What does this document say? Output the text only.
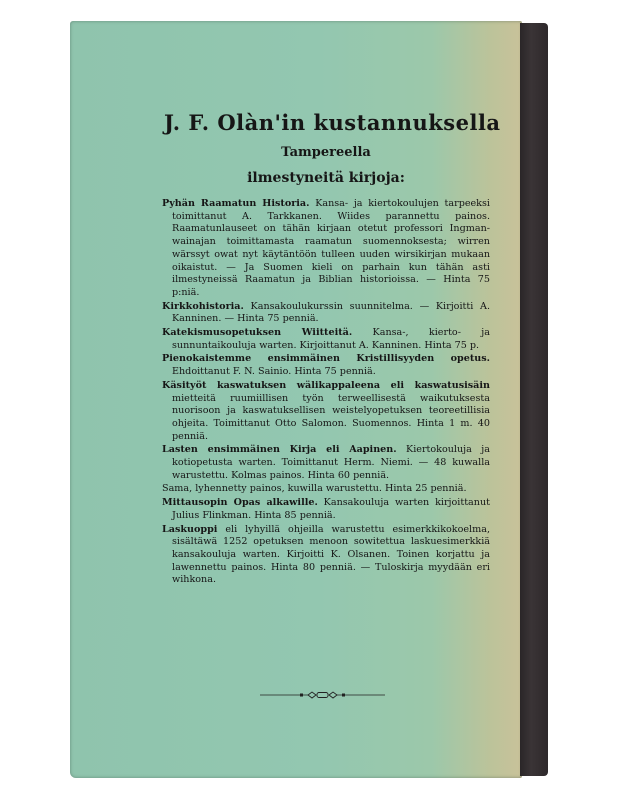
J. F. Olàn'in kustannuksella
Tampereella
ilmestyneitä kirjoja:
Pyhän Raamatun Historia. Kansa- ja kiertokoulujen tarpeeksi toimittanut A. Tarkkanen. Wiides parannettu painos. Raamatunlauseet on tähän kirjaan otetut professori Ingman-wainajan toimittamasta raamatun suomennoksesta; wirren wärssyt owat nyt käytäntöön tulleen uuden wirsikirjan mukaan oikaistut. — Ja Suomen kieli on parhain kun tähän asti ilmestyneissä Raamatun ja Biblian historioissa. — Hinta 75 p:niä.
Kirkkohistoria. Kansakoulukurssin suunnitelma. — Kirjoitti A. Kanninen. — Hinta 75 penniä.
Katekismusopetuksen Wiitteitä. Kansa-, kierto- ja sunnuntaikouluja warten. Kirjoittanut A. Kanninen. Hinta 75 p.
Pienokaistemme ensimmäinen Kristillisyyden opetus. Ehdoittanut F. N. Sainio. Hinta 75 penniä.
Käsityöt kaswatuksen wälikappaleena eli kaswatusisäin mietteitä ruumiillisen työn terweellisestä waikutuksesta nuorisoon ja kaswatuksellisen weistelyopetuksen teoreetillisia ohjeita. Toimittanut Otto Salomon. Suomennos. Hinta 1 m. 40 penniä.
Lasten ensimmäinen Kirja eli Aapinen. Kiertokouluja ja kotiopetusta warten. Toimittanut Herm. Niemi. — 48 kuwalla warustettu. Kolmas painos. Hinta 60 penniä.
Sama, lyhennetty painos, kuwilla warustettu. Hinta 25 penniä.
Mittausopin Opas alkawille. Kansakouluja warten kirjoittanut Julius Flinkman. Hinta 85 penniä.
Laskuoppi eli lyhyillä ohjeilla warustettu esimerkkikokoelma, sisältäwä 1252 opetuksen menoon sowitettua laskuesimerkkiä kansakouluja warten. Kirjoitti K. Olsanen. Toinen korjattu ja lawennettu painos. Hinta 80 penniä. — Tuloskirja myydään eri wihkona.
